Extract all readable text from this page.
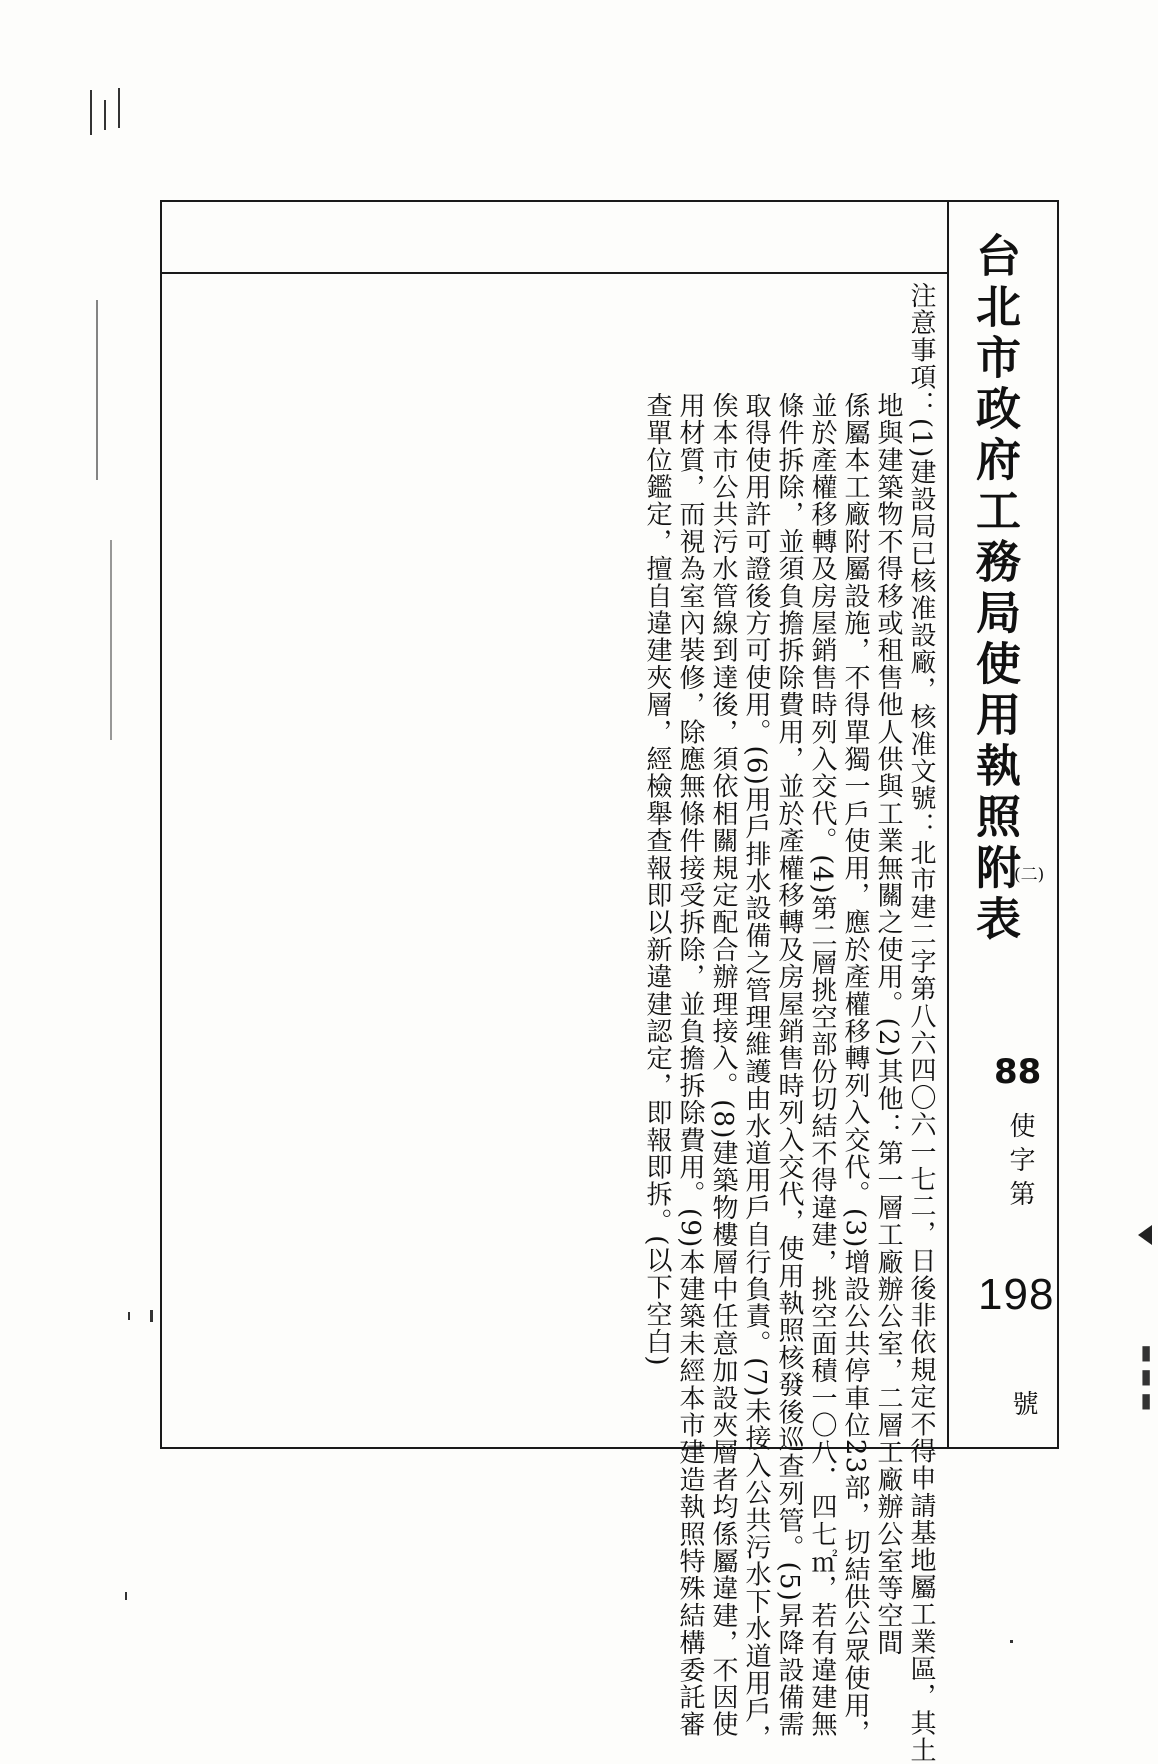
台北市政府工務局使用執照附表
(二)
88
使字第
198
號
注意事項：(1)建設局已核准設廠，核准文號：北市建二字第八六四〇六一七二，日後非依規定不得申請基地屬工業區，其土
地與建築物不得移或租售他人供與工業無關之使用。(2)其他：第一層工廠辦公室，二層工廠辦公室等空間
係屬本工廠附屬設施，不得單獨一戶使用，應於產權移轉列入交代。(3)增設公共停車位23部，切結供公眾使用，
並於產權移轉及房屋銷售時列入交代。(4)第二層挑空部份切結不得違建，挑空面積一〇八．四七㎡，若有違建無
條件拆除，並須負擔拆除費用，並於產權移轉及房屋銷售時列入交代，使用執照核發後巡查列管。(5)昇降設備需
取得使用許可證後方可使用。(6)用戶排水設備之管理維護由水道用戶自行負責。(7)未接入公共污水下水道用戶，
俟本市公共污水管線到達後，須依相關規定配合辦理接入。(8)建築物樓層中任意加設夾層者均係屬違建，不因使
用材質，而視為室內裝修，除應無條件接受拆除，並負擔拆除費用。(9)本建築未經本市建造執照特殊結構委託審
查單位鑑定，擅自違建夾層，經檢舉查報即以新違建認定，即報即拆。(以下空白)
▮▮▮
